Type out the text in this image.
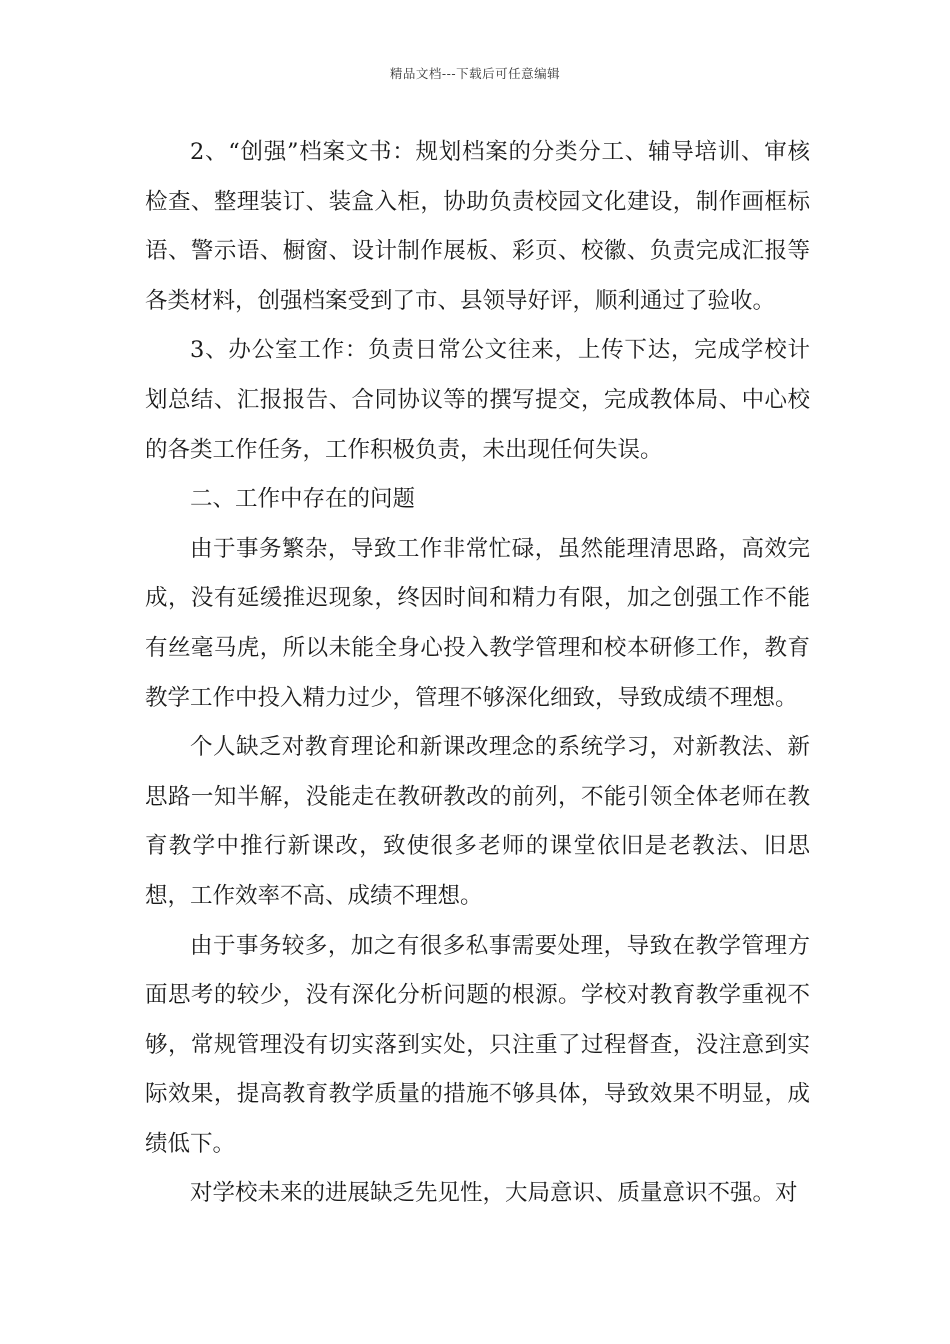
精品文档---下载后可任意编辑

2、“创强”档案文书：规划档案的分类分工、辅导培训、审核检查、整理装订、装盒入柜，协助负责校园文化建设，制作画框标语、警示语、橱窗、设计制作展板、彩页、校徽、负责完成汇报等各类材料，创强档案受到了市、县领导好评，顺利通过了验收。

3、办公室工作：负责日常公文往来，上传下达，完成学校计划总结、汇报报告、合同协议等的撰写提交，完成教体局、中心校的各类工作任务，工作积极负责，未出现任何失误。

二、工作中存在的问题

由于事务繁杂，导致工作非常忙碌，虽然能理清思路，高效完成，没有延缓推迟现象，终因时间和精力有限，加之创强工作不能有丝毫马虎，所以未能全身心投入教学管理和校本研修工作，教育教学工作中投入精力过少，管理不够深化细致，导致成绩不理想。

个人缺乏对教育理论和新课改理念的系统学习，对新教法、新思路一知半解，没能走在教研教改的前列，不能引领全体老师在教育教学中推行新课改，致使很多老师的课堂依旧是老教法、旧思想，工作效率不高、成绩不理想。

由于事务较多，加之有很多私事需要处理，导致在教学管理方面思考的较少，没有深化分析问题的根源。学校对教育教学重视不够，常规管理没有切实落到实处，只注重了过程督查，没注意到实际效果，提高教育教学质量的措施不够具体，导致效果不明显，成绩低下。

对学校未来的进展缺乏先见性，大局意识、质量意识不强。对
